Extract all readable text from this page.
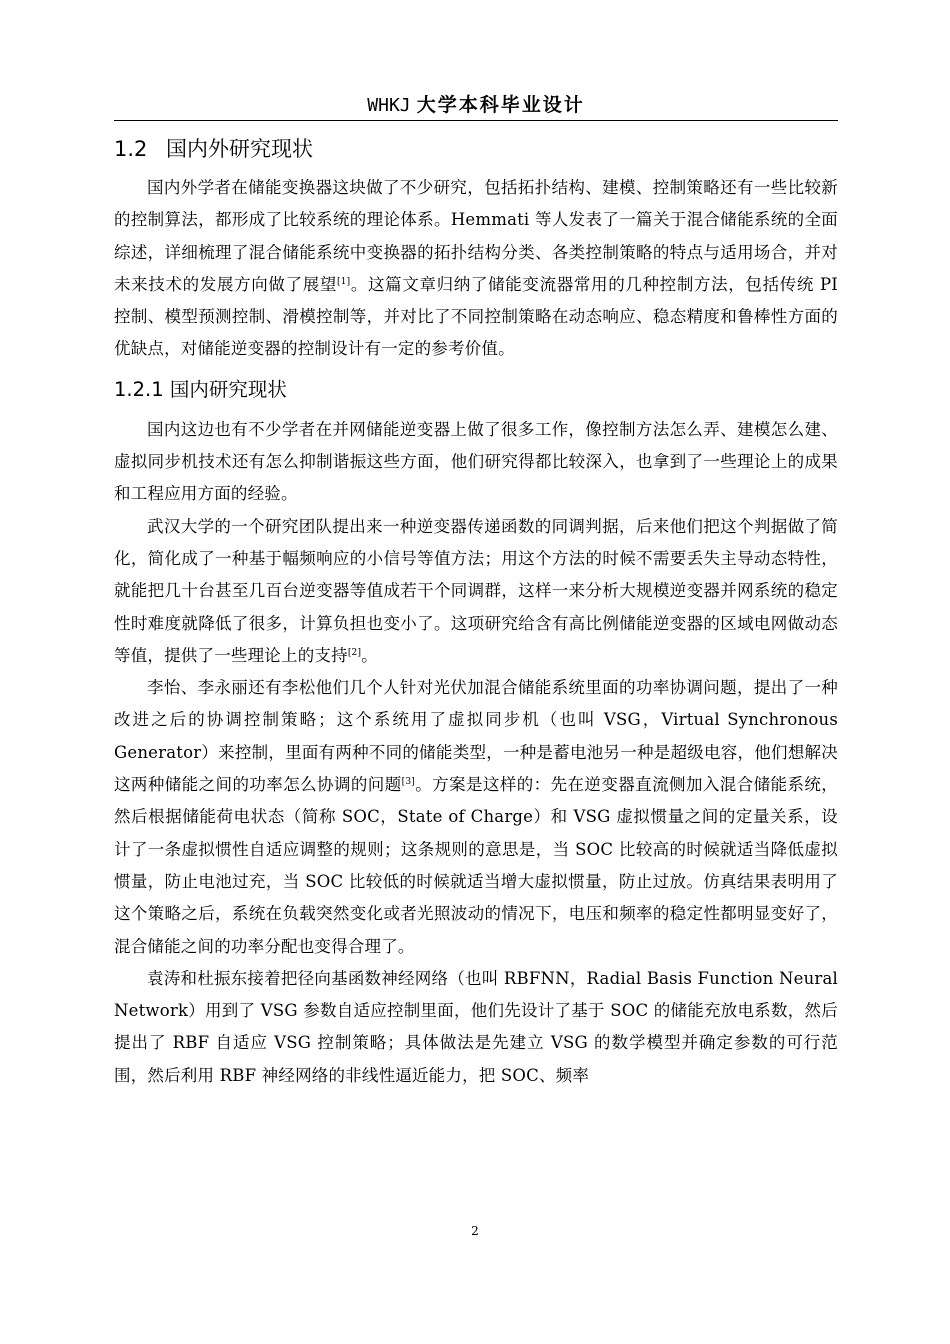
WHKJ 大学本科毕业设计
1.2 国内外研究现状

国内外学者在储能变换器这块做了不少研究，包括拓扑结构、建模、控制策略还有一些比较新的控制算法，都形成了比较系统的理论体系。Hemmati 等人发表了一篇关于混合储能系统的全面综述，详细梳理了混合储能系统中变换器的拓扑结构分类、各类控制策略的特点与适用场合，并对未来技术的发展方向做了展望[1]。这篇文章归纳了储能变流器常用的几种控制方法，包括传统 PI 控制、模型预测控制、滑模控制等，并对比了不同控制策略在动态响应、稳态精度和鲁棒性方面的优缺点，对储能逆变器的控制设计有一定的参考价值。

1.2.1 国内研究现状

国内这边也有不少学者在并网储能逆变器上做了很多工作，像控制方法怎么弄、建模怎么建、虚拟同步机技术还有怎么抑制谐振这些方面，他们研究得都比较深入，也拿到了一些理论上的成果和工程应用方面的经验。

武汉大学的一个研究团队提出来一种逆变器传递函数的同调判据，后来他们把这个判据做了简化，简化成了一种基于幅频响应的小信号等值方法；用这个方法的时候不需要丢失主导动态特性，就能把几十台甚至几百台逆变器等值成若干个同调群，这样一来分析大规模逆变器并网系统的稳定性时难度就降低了很多，计算负担也变小了。这项研究给含有高比例储能逆变器的区域电网做动态等值，提供了一些理论上的支持[2]。

李怡、李永丽还有李松他们几个人针对光伏加混合储能系统里面的功率协调问题，提出了一种改进之后的协调控制策略；这个系统用了虚拟同步机（也叫 VSG，Virtual Synchronous Generator）来控制，里面有两种不同的储能类型，一种是蓄电池另一种是超级电容，他们想解决这两种储能之间的功率怎么协调的问题[3]。方案是这样的：先在逆变器直流侧加入混合储能系统，然后根据储能荷电状态（简称 SOC，State of Charge）和 VSG 虚拟惯量之间的定量关系，设计了一条虚拟惯性自适应调整的规则；这条规则的意思是，当 SOC 比较高的时候就适当降低虚拟惯量，防止电池过充，当 SOC 比较低的时候就适当增大虚拟惯量，防止过放。仿真结果表明用了这个策略之后，系统在负载突然变化或者光照波动的情况下，电压和频率的稳定性都明显变好了，混合储能之间的功率分配也变得合理了。

袁涛和杜振东接着把径向基函数神经网络（也叫 RBFNN，Radial Basis Function Neural Network）用到了 VSG 参数自适应控制里面，他们先设计了基于 SOC 的储能充放电系数，然后提出了 RBF 自适应 VSG 控制策略；具体做法是先建立 VSG 的数学模型并确定参数的可行范围，然后利用 RBF 神经网络的非线性逼近能力，把 SOC、频率

2
